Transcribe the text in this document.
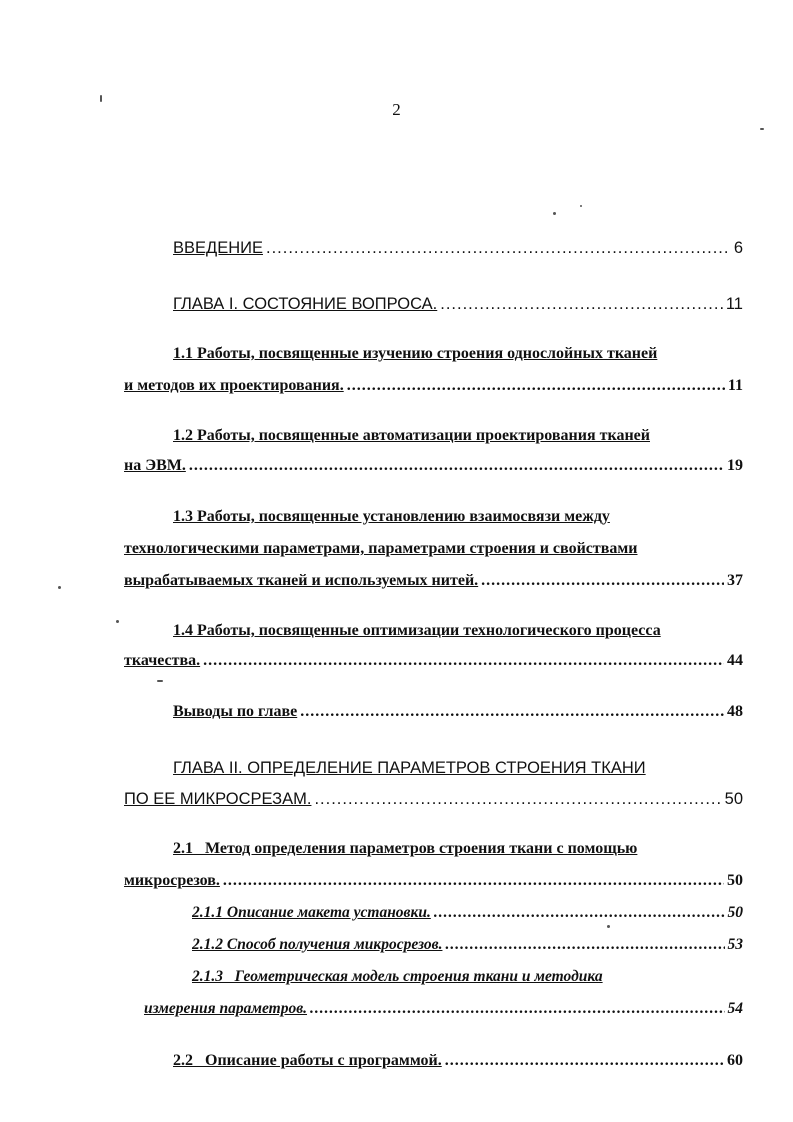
2
ВВЕДЕНИЕ .....	6
ГЛАВА I. СОСТОЯНИЕ ВОПРОСА. .....	11
1.1 Работы, посвященные изучению строения однослойных тканей
и методов их проектирования. .....	11
1.2 Работы, посвященные автоматизации проектирования тканей
на ЭВМ. .....	19
1.3 Работы, посвященные установлению взаимосвязи между
технологическими параметрами, параметрами строения и свойствами
вырабатываемых тканей и используемых нитей. .....	37
1.4 Работы, посвященные оптимизации технологического процесса
ткачества. .....	44
Выводы по главе .....	48
ГЛАВА II. ОПРЕДЕЛЕНИЕ ПАРАМЕТРОВ СТРОЕНИЯ ТКАНИ
ПО ЕЕ МИКРОСРЕЗАМ. .....	50
2.1   Метод определения параметров строения ткани с помощью
микросрезов. .....	50
2.1.1 Описание макета установки. .....	50
2.1.2 Способ получения микросрезов. .....	53
2.1.3   Геометрическая модель строения ткани и методика
измерения параметров. .....	54
2.2   Описание работы с программой. .....	60
